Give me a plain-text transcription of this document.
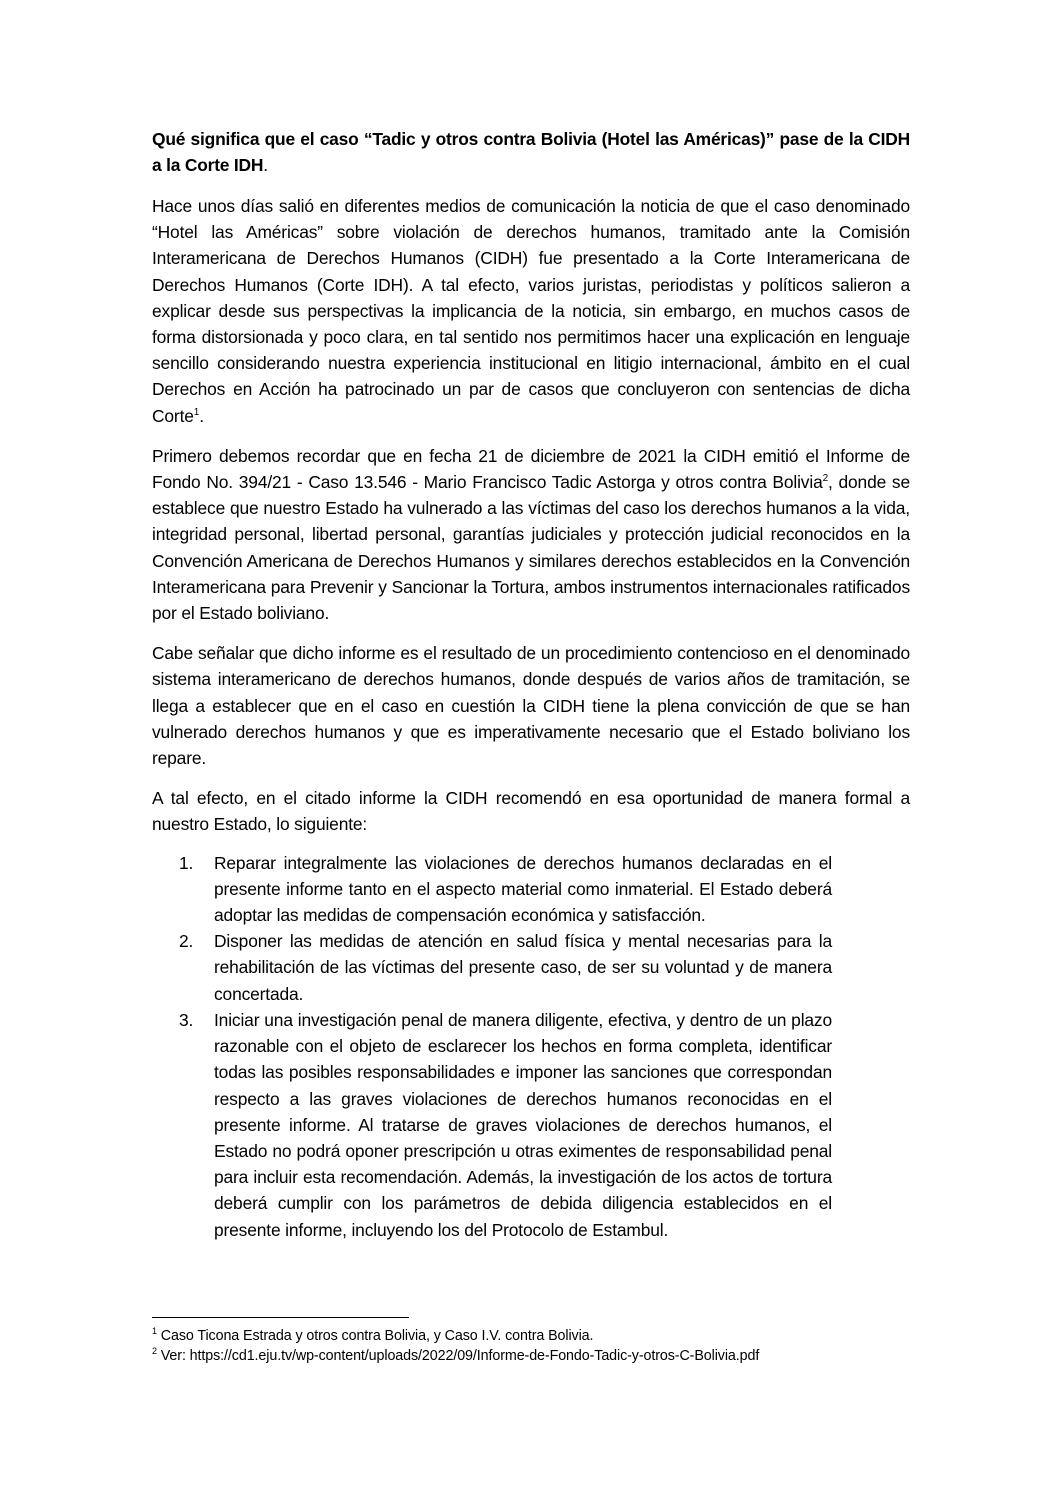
Qué significa que el caso “Tadic y otros contra Bolivia (Hotel las Américas)” pase de la CIDH a la Corte IDH.

Hace unos días salió en diferentes medios de comunicación la noticia de que el caso denominado “Hotel las Américas” sobre violación de derechos humanos, tramitado ante la Comisión Interamericana de Derechos Humanos (CIDH) fue presentado a la Corte Interamericana de Derechos Humanos (Corte IDH). A tal efecto, varios juristas, periodistas y políticos salieron a explicar desde sus perspectivas la implicancia de la noticia, sin embargo, en muchos casos de forma distorsionada y poco clara, en tal sentido nos permitimos hacer una explicación en lenguaje sencillo considerando nuestra experiencia institucional en litigio internacional, ámbito en el cual Derechos en Acción ha patrocinado un par de casos que concluyeron con sentencias de dicha Corte$^1$.

Primero debemos recordar que en fecha 21 de diciembre de 2021 la CIDH emitió el Informe de Fondo No. 394/21 - Caso 13.546 - Mario Francisco Tadic Astorga y otros contra Bolivia$^2$, donde se establece que nuestro Estado ha vulnerado a las víctimas del caso los derechos humanos a la vida, integridad personal, libertad personal, garantías judiciales y protección judicial reconocidos en la Convención Americana de Derechos Humanos y similares derechos establecidos en la Convención Interamericana para Prevenir y Sancionar la Tortura, ambos instrumentos internacionales ratificados por el Estado boliviano.

Cabe señalar que dicho informe es el resultado de un procedimiento contencioso en el denominado sistema interamericano de derechos humanos, donde después de varios años de tramitación, se llega a establecer que en el caso en cuestión la CIDH tiene la plena convicción de que se han vulnerado derechos humanos y que es imperativamente necesario que el Estado boliviano los repare.

A tal efecto, en el citado informe la CIDH recomendó en esa oportunidad de manera formal a nuestro Estado, lo siguiente:

1. Reparar integralmente las violaciones de derechos humanos declaradas en el presente informe tanto en el aspecto material como inmaterial. El Estado deberá adoptar las medidas de compensación económica y satisfacción.
2. Disponer las medidas de atención en salud física y mental necesarias para la rehabilitación de las víctimas del presente caso, de ser su voluntad y de manera concertada.
3. Iniciar una investigación penal de manera diligente, efectiva, y dentro de un plazo razonable con el objeto de esclarecer los hechos en forma completa, identificar todas las posibles responsabilidades e imponer las sanciones que correspondan respecto a las graves violaciones de derechos humanos reconocidas en el presente informe. Al tratarse de graves violaciones de derechos humanos, el Estado no podrá oponer prescripción u otras eximentes de responsabilidad penal para incluir esta recomendación. Además, la investigación de los actos de tortura deberá cumplir con los parámetros de debida diligencia establecidos en el presente informe, incluyendo los del Protocolo de Estambul.

$^1$ Caso Ticona Estrada y otros contra Bolivia, y Caso I.V. contra Bolivia.

$^2$ Ver: https://cd1.eju.tv/wp-content/uploads/2022/09/Informe-de-Fondo-Tadic-y-otros-C-Bolivia.pdf
